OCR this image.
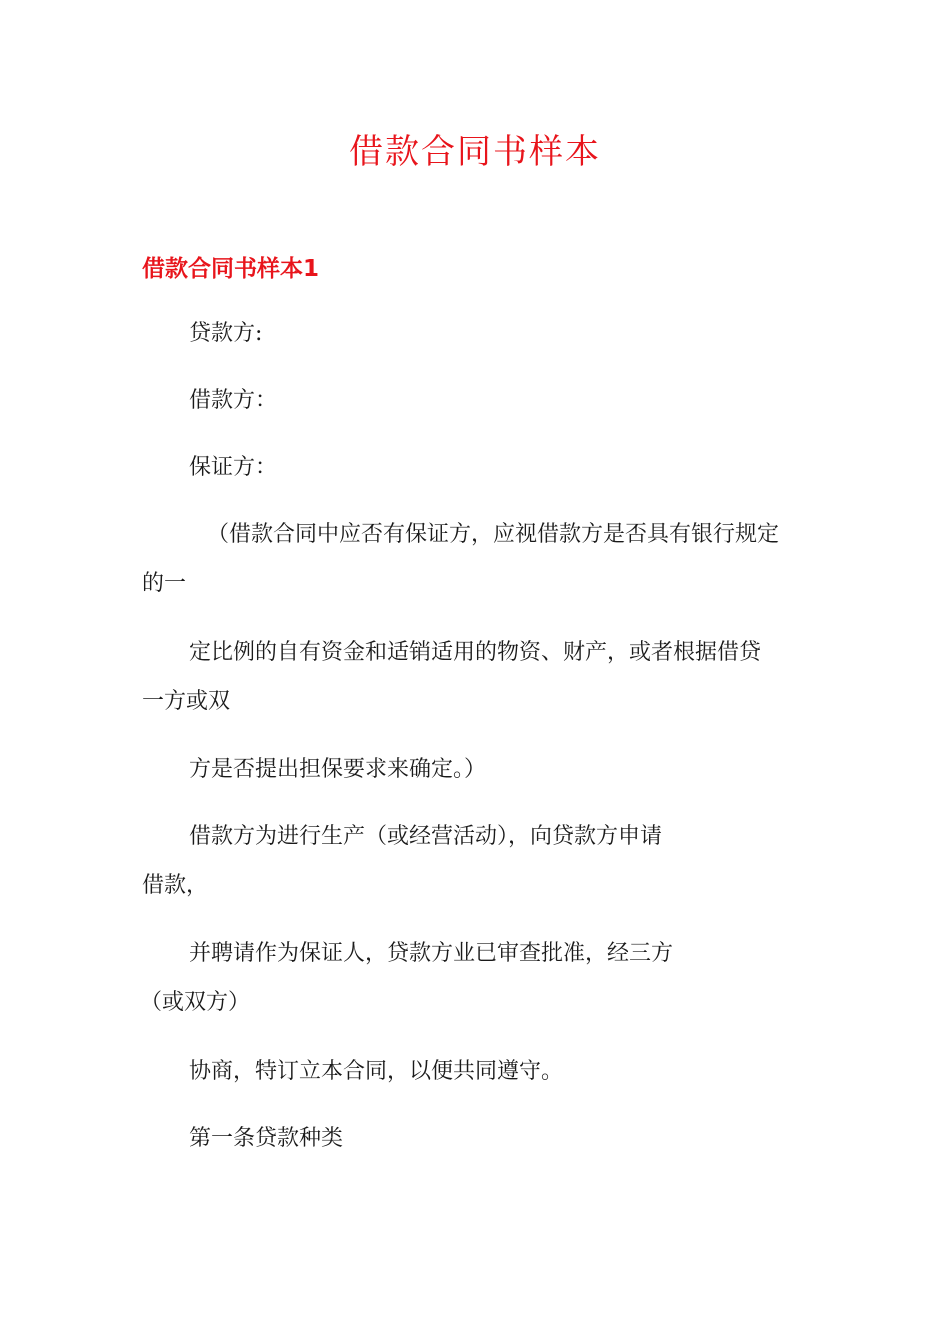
借款合同书样本
借款合同书样本1

贷款方:

借款方：

保证方：

（借款合同中应否有保证方，应视借款方是否具有银行规定

的一

定比例的自有资金和适销适用的物资、财产，或者根据借贷

一方或双

方是否提出担保要求来确定。）

借款方为进行生产（或经营活动），向贷款方申请

借款，

并聘请作为保证人，贷款方业已审查批准，经三方

（或双方）

协商，特订立本合同，以便共同遵守。

第一条贷款种类
